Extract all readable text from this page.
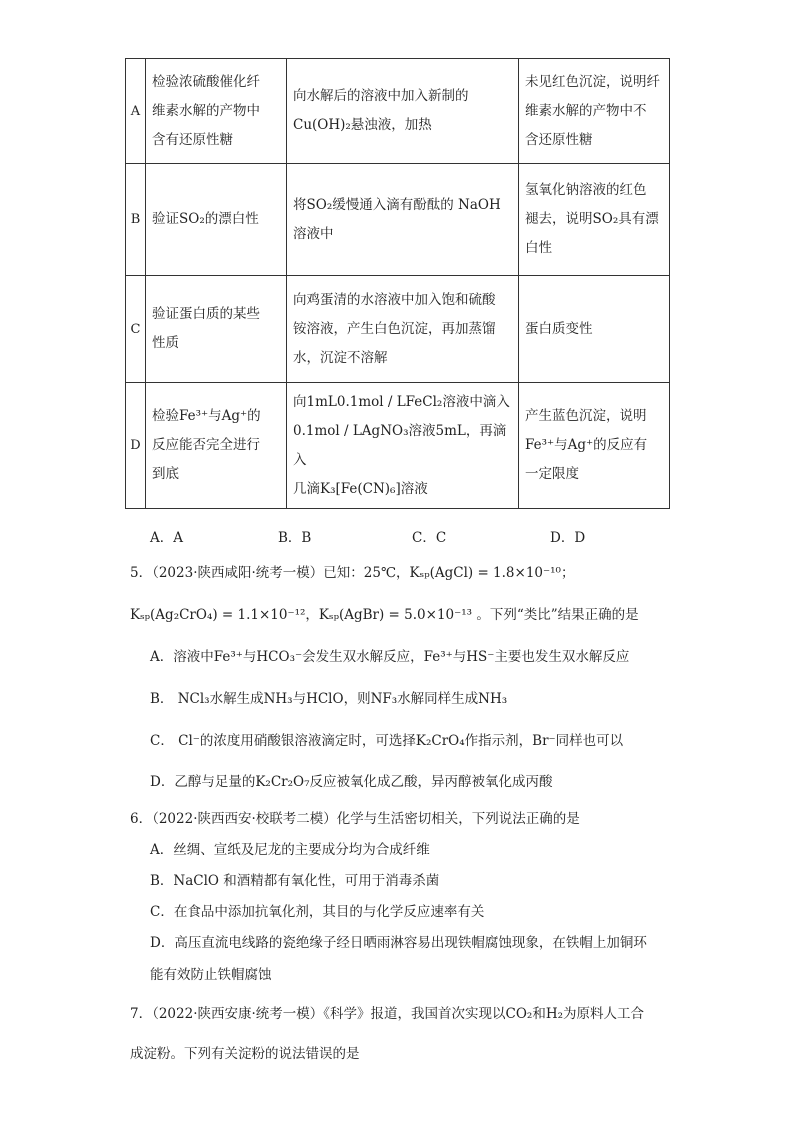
A	检验浓硫酸催化纤
维素水解的产物中
含有还原性糖	向水解后的溶液中加入新制的
Cu(OH)₂悬浊液，加热	未见红色沉淀，说明纤
维素水解的产物中不
含还原性糖
B	验证SO₂的漂白性	将SO₂缓慢通入滴有酚酞的 NaOH
溶液中	氢氧化钠溶液的红色
褪去，说明SO₂具有漂
白性
C	验证蛋白质的某些
性质	向鸡蛋清的水溶液中加入饱和硫酸
铵溶液，产生白色沉淀，再加蒸馏
水，沉淀不溶解	蛋白质变性
D	检验Fe³⁺与Ag⁺的
反应能否完全进行
到底	向1mL0.1mol / LFeCl₂溶液中滴入
0.1mol / LAgNO₃溶液5mL，再滴入
几滴K₃[Fe(CN)₆]溶液	产生蓝色沉淀，说明
Fe³⁺与Ag⁺的反应有
一定限度
A．A	B．B	C．C	D．D
5．（2023·陕西咸阳·统考一模）已知：25℃，Kₛₚ(AgCl) = 1.8×10⁻¹⁰；
Kₛₚ(Ag₂CrO₄) = 1.1×10⁻¹²，Kₛₚ(AgBr) = 5.0×10⁻¹³ 。下列“类比”结果正确的是
A．溶液中Fe³⁺与HCO₃⁻会发生双水解反应，Fe³⁺与HS⁻主要也发生双水解反应
B． NCl₃水解生成NH₃与HClO，则NF₃水解同样生成NH₃
C． Cl⁻的浓度用硝酸银溶液滴定时，可选择K₂CrO₄作指示剂，Br⁻同样也可以
D．乙醇与足量的K₂Cr₂O₇反应被氧化成乙酸，异丙醇被氧化成丙酸
6．（2022·陕西西安·校联考二模）化学与生活密切相关，下列说法正确的是
A．丝绸、宣纸及尼龙的主要成分均为合成纤维
B．NaClO 和酒精都有氧化性，可用于消毒杀菌
C．在食品中添加抗氧化剂，其目的与化学反应速率有关
D．高压直流电线路的瓷绝缘子经日晒雨淋容易出现铁帽腐蚀现象，在铁帽上加铜环
能有效防止铁帽腐蚀
7．（2022·陕西安康·统考一模）《科学》报道，我国首次实现以CO₂和H₂为原料人工合
成淀粉。下列有关淀粉的说法错误的是
